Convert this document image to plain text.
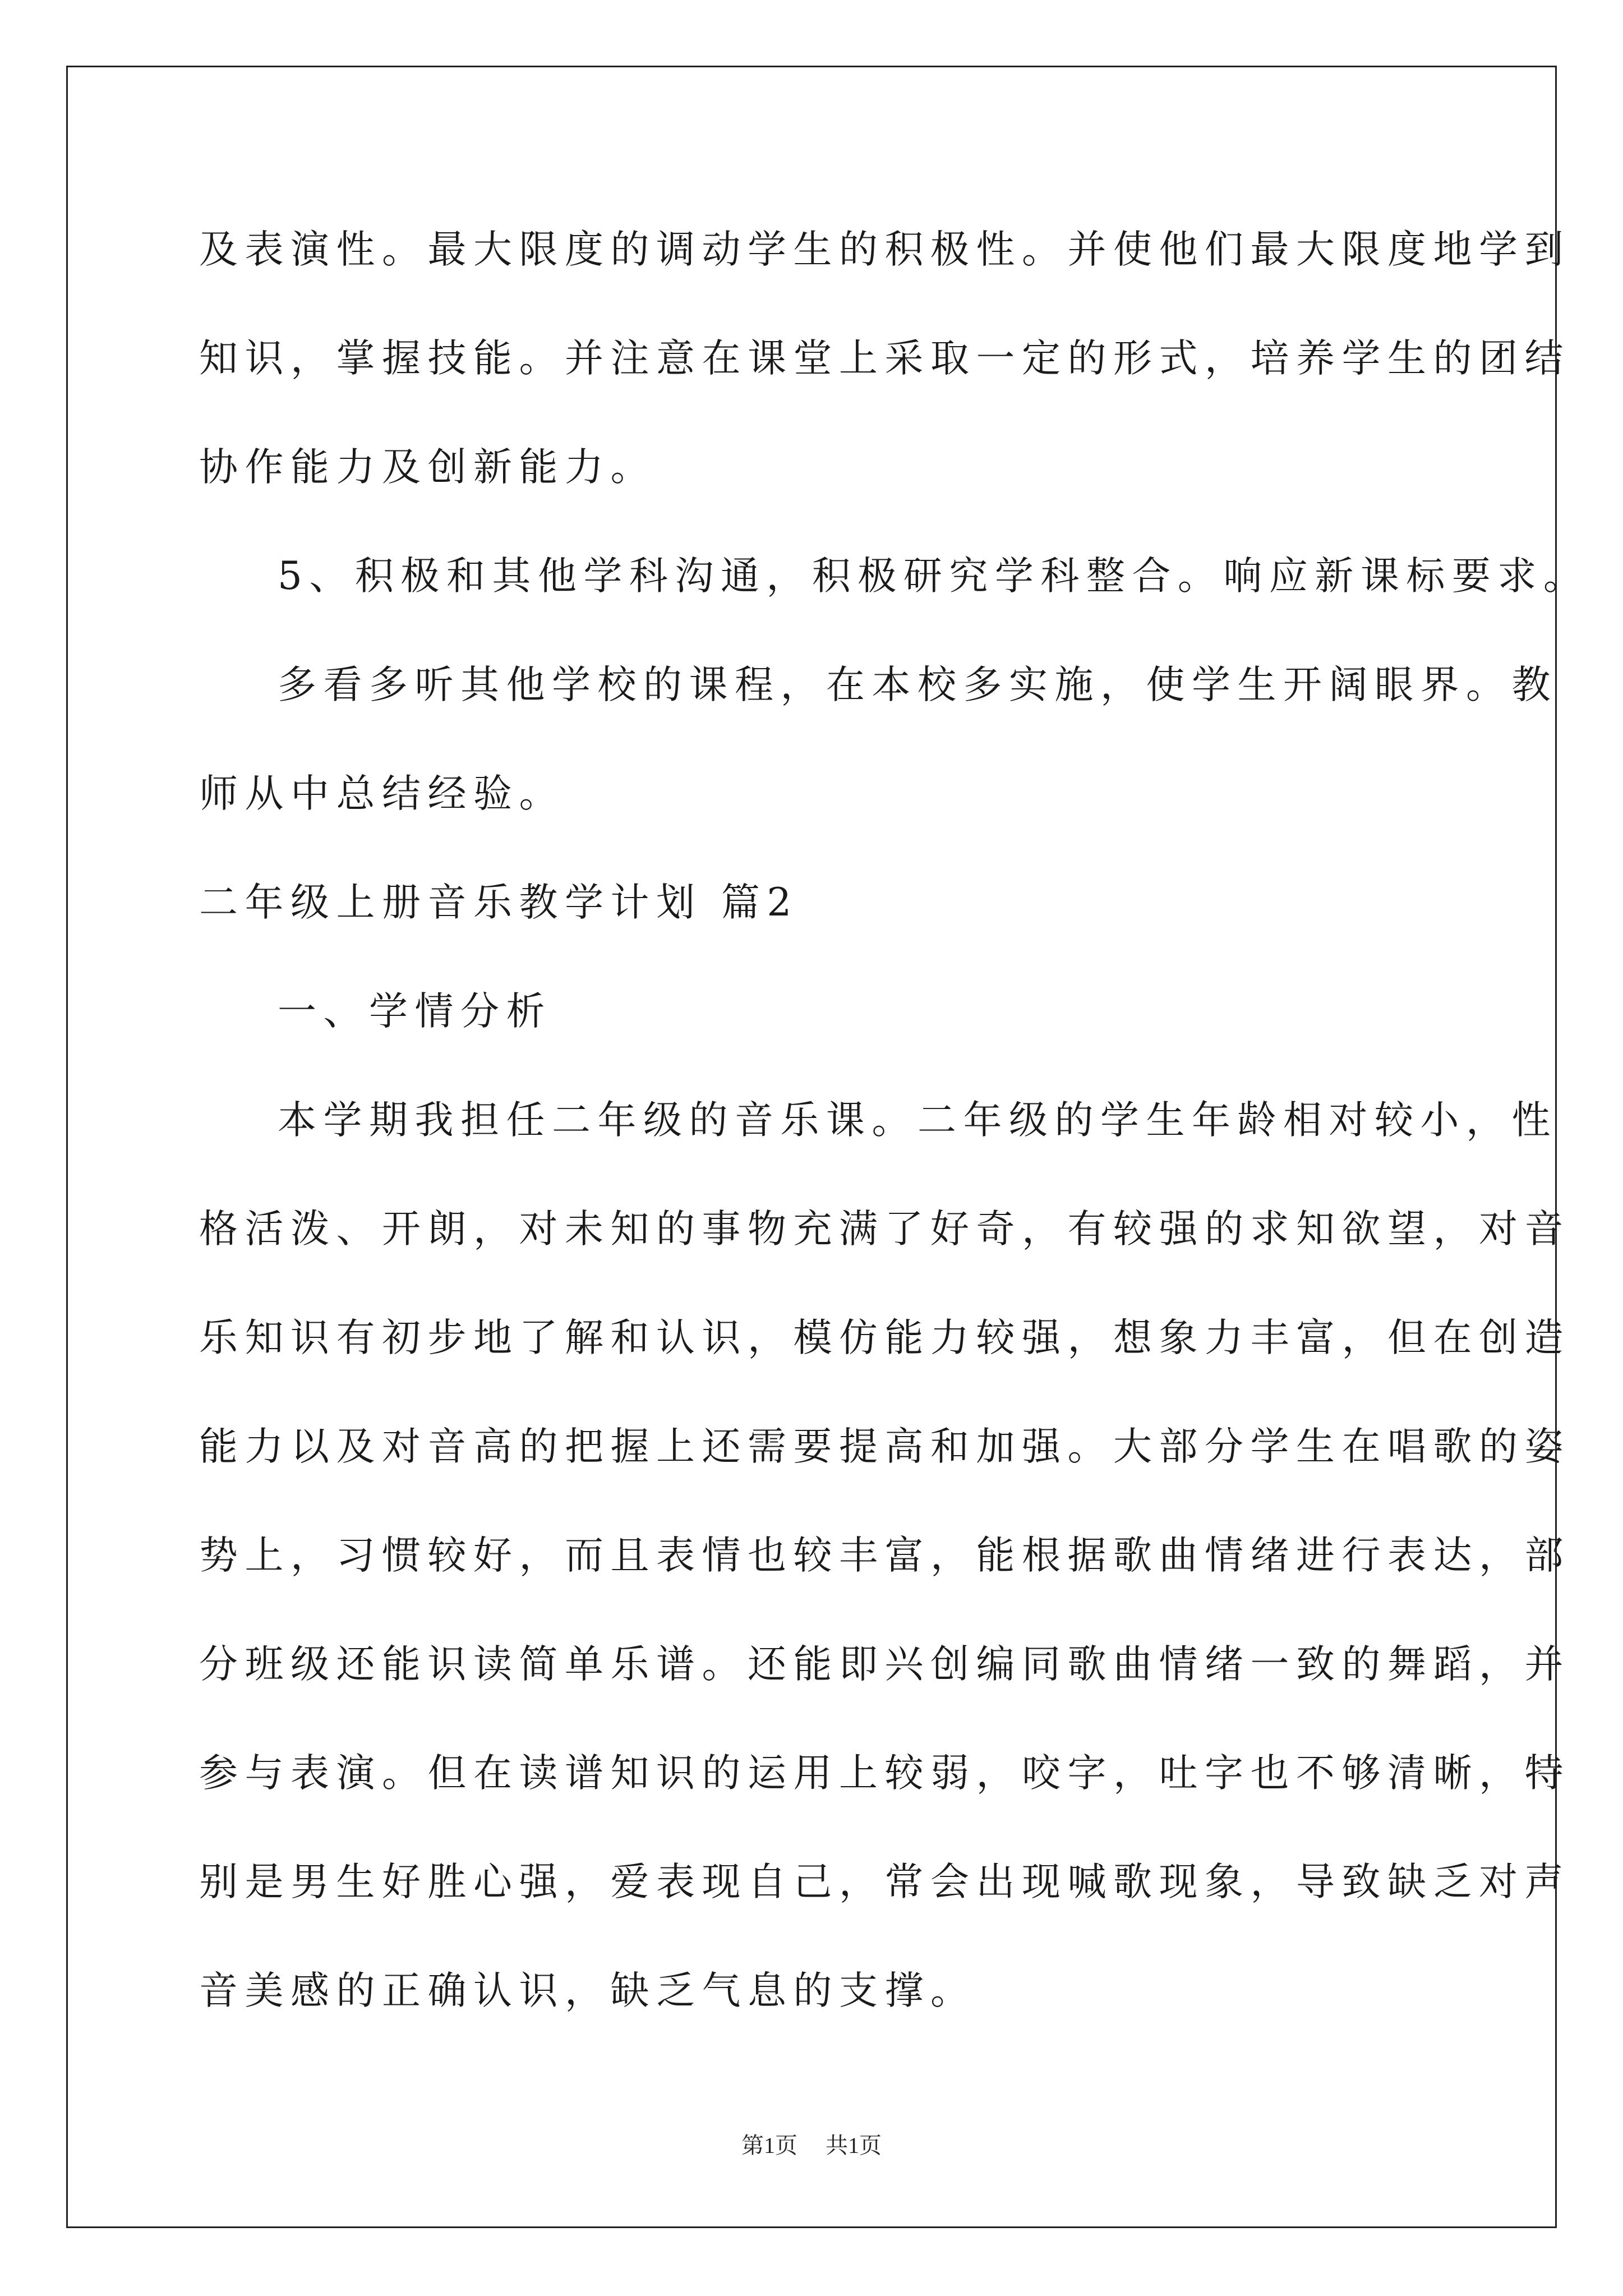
及表演性。最大限度的调动学生的积极性。并使他们最大限度地学到
知识，掌握技能。并注意在课堂上采取一定的形式，培养学生的团结
协作能力及创新能力。
5、积极和其他学科沟通，积极研究学科整合。响应新课标要求。
多看多听其他学校的课程，在本校多实施，使学生开阔眼界。教
师从中总结经验。
二年级上册音乐教学计划 篇2
一、学情分析
本学期我担任二年级的音乐课。二年级的学生年龄相对较小，性
格活泼、开朗，对未知的事物充满了好奇，有较强的求知欲望，对音
乐知识有初步地了解和认识，模仿能力较强，想象力丰富，但在创造
能力以及对音高的把握上还需要提高和加强。大部分学生在唱歌的姿
势上，习惯较好，而且表情也较丰富，能根据歌曲情绪进行表达，部
分班级还能识读简单乐谱。还能即兴创编同歌曲情绪一致的舞蹈，并
参与表演。但在读谱知识的运用上较弱，咬字，吐字也不够清晰，特
别是男生好胜心强，爱表现自己，常会出现喊歌现象，导致缺乏对声
音美感的正确认识，缺乏气息的支撑。
第1页 共1页
